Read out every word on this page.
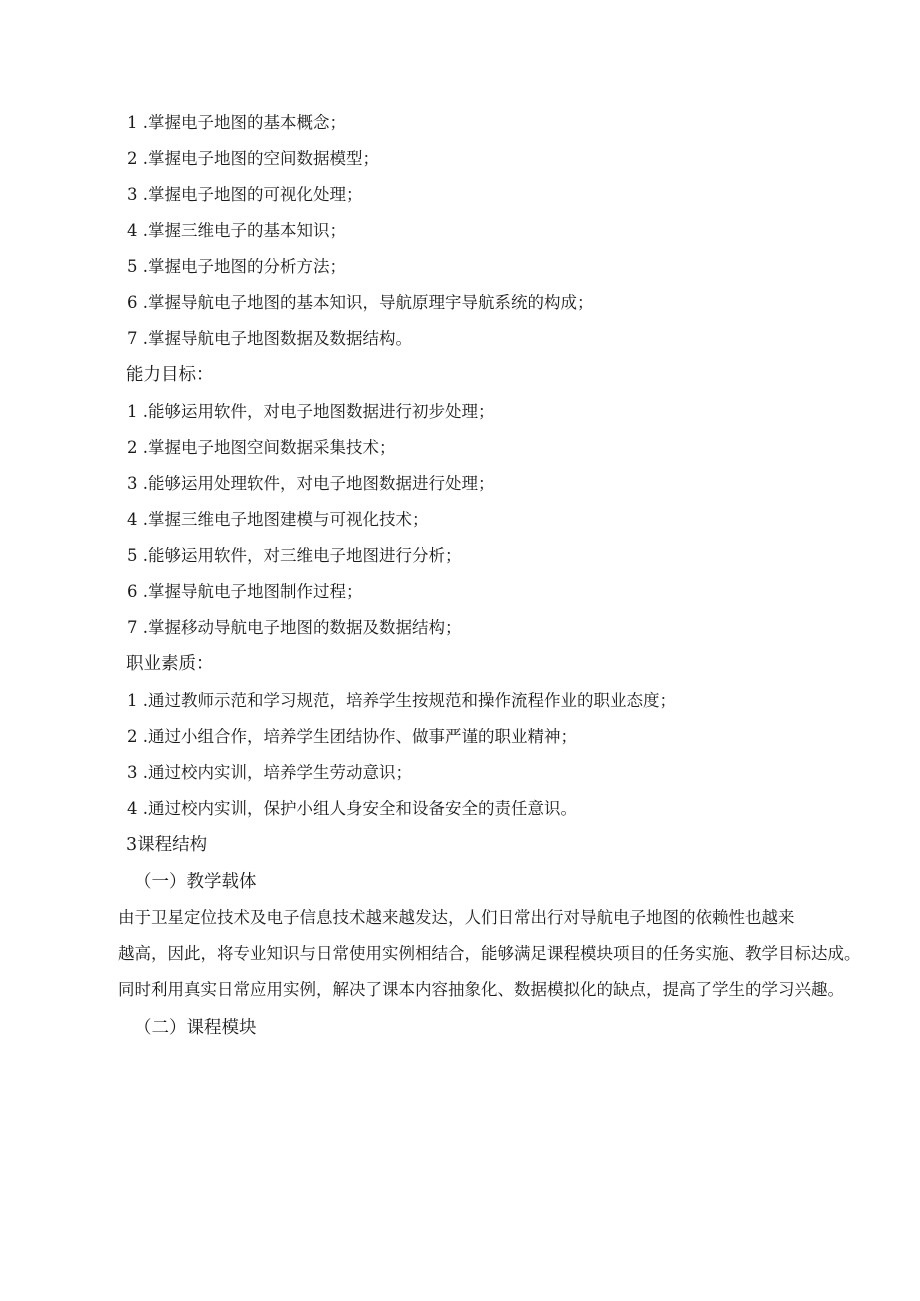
1 .掌握电子地图的基本概念；
2 .掌握电子地图的空间数据模型；
3 .掌握电子地图的可视化处理；
4 .掌握三维电子的基本知识；
5 .掌握电子地图的分析方法；
6 .掌握导航电子地图的基本知识，导航原理宇导航系统的构成；
7 .掌握导航电子地图数据及数据结构。
能力目标：
1 .能够运用软件，对电子地图数据进行初步处理；
2 .掌握电子地图空间数据采集技术；
3 .能够运用处理软件，对电子地图数据进行处理；
4 .掌握三维电子地图建模与可视化技术；
5 .能够运用软件，对三维电子地图进行分析；
6 .掌握导航电子地图制作过程；
7 .掌握移动导航电子地图的数据及数据结构；
职业素质：
1 .通过教师示范和学习规范，培养学生按规范和操作流程作业的职业态度；
2 .通过小组合作，培养学生团结协作、做事严谨的职业精神；
3 .通过校内实训，培养学生劳动意识；
4 .通过校内实训，保护小组人身安全和设备安全的责任意识。
3课程结构
（一）教学载体
由于卫星定位技术及电子信息技术越来越发达，人们日常出行对导航电子地图的依赖性也越来
越高，因此，将专业知识与日常使用实例相结合，能够满足课程模块项目的任务实施、教学目标达成。
同时利用真实日常应用实例，解决了课本内容抽象化、数据模拟化的缺点，提高了学生的学习兴趣。
（二）课程模块
